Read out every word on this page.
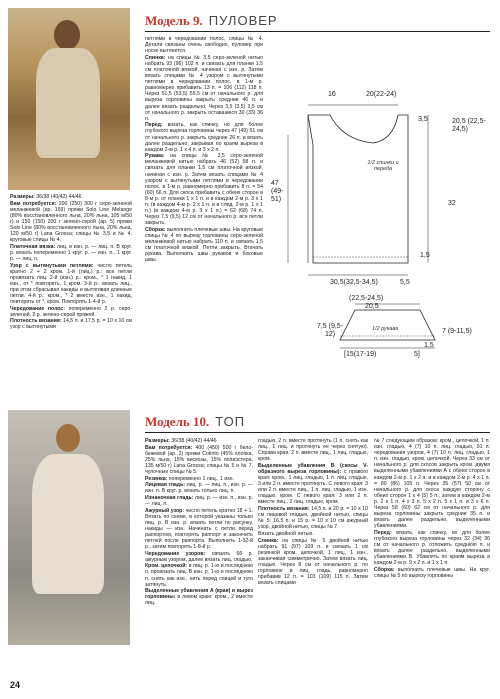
Модель 9. ПУЛОВЕР

Размеры: 36/38 (40/42) 44/46

Вам потребуется: 200 (250) 300 г серо-зеленой меланжевой (ар. 169) пряжи Solo Line Melange (80% восстановленного льна, 20% льна, 105 м/50 г) и 150 (150) 200 г зелено-серой (ар. 5) пряжи Solo Line (80% восстановленного льна, 20% льна, 120 м/50 г) Lana Grossa; спицы № 3,5 и № 4, круговые спицы № 4.

Платочная вязка: лиц. и изн. р. — лиц. п. В круг. р. вязать попеременно 1 круг. р. — изн. п., 1 круг. р. — лиц. п.

Узор с вытянутыми петлями: число петель кратно 2 + 2 кром. 1-й (лиц.) р.: все петли провязать лиц. 2-й (изн.) р.: кром., * 1 накид, 1 изн., от * повторять, 1 кром. 3-й р.: вязать лиц., при этом сбрасывая накиды и вытягивая длинные петли. 4-й р.: кром., * 2 вместе изн., 1 накид, повторять от *, кром. Повторять 1-4-й р.

Чередование полос: попеременно 2 р. серо-зеленой, 2 р. зелено-серой пряжей.

Плотность вязания: 14,5 п. и 17,5 р. = 10 х 10 см узор с вытянутыми

петлями в чередовании полос, спицы № 4. Детали связаны очень свободно, пуловер при носке вытянется.

Спинка: на спицы № 3,5 серо-зеленой нитью набрать 93 (96) 102 п. и связать для планки 1,5 см платочной вязкой, начиная с изн. р. Затем вязать спицами № 4 узором с вытянутыми петлями в чередовании полос. в 1-м р. равномерно прибавить 13 п. = 106 (112) 118 п. Через 51,5 (53,5) 55,5 см от начального р. для выреза горловины закрыть средние 46 п. и далее вязать раздельно. Через 3,5 (3,5) 3,5 см от начального р. закрыть оставшиеся 30 (33) 36 п.

Перед: вязать, как спинку, но для более глубокого выреза горловины через 47 (49) 51 см от начального р. закрыть средние 26 п. и вязать далее раздельно, закрывая по краям выреза в каждом 2-м р. 1 х 4 п. и 3 х 2 п.

Рукава: на спицы № 3,5 серо-зеленой меланжевой нитью набрать 46 (52) 58 п. и связать для планки 1,5 см платочной вязкой, начиная с изн. р. Затем вязать спицами № 4 узором с вытянутыми петлями в чередовании полос, в 1-м р. равномерно прибавить 8 п. = 54 (60) 66 п. Для скоса прибавить с обеих сторон в 8-м р. от планки 1 х 1 п. и в каждом 2-м р. 3 х 1 п. (в каждом 4-м р. 2 х 1 п. и в след. 2-м р. 1 х 1 п.) (в каждом 4-м р. 3 х 1 п.) = 62 (68) 74 п. Через 7,5 (9,5) 12 см от начального р. все петли закрыть.

Сборка: выполнить плечевые швы. На круговые спицы № 4 по вырезу горловины серо-зеленой меланжевой нитью набрать 110 п. и связать 1,5 см платочной вязкой. Петли закрыть. Втачать рукава. Выполнить швы рукавов и боковые швы.

16	20(22-24)
3,5	20,5 (22,5-24,5)
47 (49-51)
1/2 спинки и переда
32
1,5
30,5(32,5-34,5)	5,5
(22,5-24,5)
20,5
1/2 рукава
7,5 (9,5-12)	7 (9-11,5)
[15(17-19)
1,5
5]
Модель 10. ТОП

Размеры: 36/38 (40/42) 44/46

Вам потребуется: 400 (450) 500 г бело-бежевой (ар. 2) пряжи Cotinto (45% хлопка, 25% льна, 15% вискозы, 15% полиэстера, 135 м/50 г) Lana Grossa; спицы № 5 и № 7, чулочные спицы № 5.

Резинка: попеременно 1 лиц., 1 изн.

Лицевая гладь: лиц. р. — лиц. п., изн. р. — изн. п. В круг. р. вязать только лиц. п.

Изнаночная гладь: лиц. р. — изн. п., изн. р. — лиц. п.

Ажурный узор: число петель кратно 18 + 1. Вязать по схеме, в которой указаны только лиц. р. В изн. р. вязать петли по рисунку, накиды — изн. Начинать с петли перед раппортом, повторять раппорт и закончить петлей после раппорта. Выполнить 1-32-й р., затем повторять 1-8-й р.

Чередование узоров: связать 66 р. ажурным узором, далее вязать лиц. гладью.

Кром. цепочкой: в лиц. р. 1-ю и последнюю п. провязать лиц. В изн. р. 1-ю и последнюю п. снять как изн., нить перед спицей и туго затянуть.

Выделенные убавления А (края) и вырез горловины: в левом краю: кром., 2 вместе лиц.

гладью, 2 п. вместе протянуть (1 п. снять как лиц., 1 лиц. и протянуть ее через снятую). Справа края: 2 п. вместе лиц., 1 лиц. гладью, кром.

Выделенные убавления B (скосы V-образного выреза горловины): с правого края: кром., 1 лиц. гладью, 1 п. лиц. гладью, 3 или 2 п. вместе протянуть. С левого края: 3 или 2 п. вместе лиц., 1 п. лиц. гладью, 1 изн. гладью, кром. С левого края: 3 или 2 п. вместе лиц., 2 лиц. гладью, кром.

Плотность вязания: 14,5 п. и 20 р. = 10 х 10 см лицевой гладью, двойной нитью, спицы № 5; 16,5 п. и 15 р. = 10 х 10 см ажурный узор, двойной нитью, спицы № 7.

Вязать двойной нитью.

Спинка: на спицы № 5 двойной нитью набрать 91 (97) 103 п. и связать 1 см резинкой кром. цепочкой, 1 лиц., 1 изн., заканчивая симметрично. Затем вязать лиц. гладью. Через 8 см от начального р. по горловине в лиц. гладь, равномерно прибавив 12 п. = 103 (109) 115 п. Затем вязать спицами

№ 7 следующим образом: кром., цепочкой, 1 п. изн. гладью, 4 (7) 10 п. лиц. гладью, 91 п. чередования узоров, 4 (7) 10 п. лиц. гладью, 1 п. изн. гладью, кром. цепочкой. Через 33 см от начального р. для скосов закрыть кром. двумя выделенными убавлениями А с обеих сторон в каждом 2-м р. 1 х 2 п. и в каждом 2-м р. 4 х 1 п. = 80 (86) 105 п. Через 35 (57) 50 см от начального р. для скоса каждую сторону с обеих сторон 1 х 4 (5) 5 п., затем в каждом 2-м р. 2 х 1 п. 4 х 3 п. 5 х 2 п. 5 х 1 п. и 3 х 6 п. Через 58 (60) 62 см от начального р. для выреза горловины закрыть средние 35 п. и вязать далее раздельно, выделенными убавлениями.

Перед: вязать, как спинку, но для более глубокого выреза горловины через 32 (34) 36 см от начального р. отложить среднюю п. и вязать далее раздельно, выделенными убавлениями В. Убавлять по краям выреза в каждом 2-м р. 9 х 2 п. и 1 х 1 п.

Сборка: выполнить плечевые швы. На круг. спицы № 5 по вырезу горловины

24
